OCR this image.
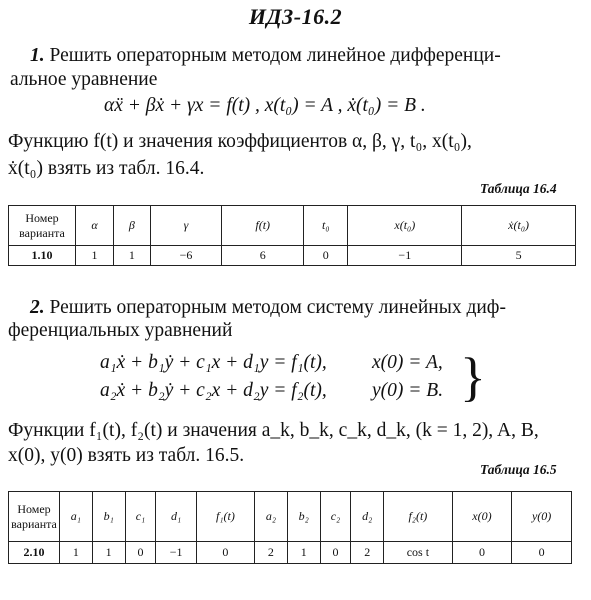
ИДЗ-16.2
1. Решить операторным методом линейное дифференци-
альное уравнение
αẍ + βẋ + γx = f(t) , x(t₀) = A , ẋ(t₀) = B .
Функцию f(t) и значения коэффициентов α, β, γ, t₀, x(t₀),
ẋ(t₀) взять из табл. 16.4.
Таблица 16.4
Номер варианта	α	β	γ	f(t)	t₀	x(t₀)	ẋ(t₀)
1.10	1	1	−6	6	0	−1	5
2. Решить операторным методом систему линейных диф-
ференциальных уравнений
a₁ẋ + b₁ẏ + c₁x + d₁y = f₁(t), x(0) = A,
a₂ẋ + b₂ẏ + c₂x + d₂y = f₂(t), y(0) = B. }
Функции f₁(t), f₂(t) и значения a_k, b_k, c_k, d_k, (k = 1, 2), A, B,
x(0), y(0) взять из табл. 16.5.
Таблица 16.5
Номер варианта	a₁	b₁	c₁	d₁	f₁(t)	a₂	b₂	c₂	d₂	f₂(t)	x(0)	y(0)
2.10	1	1	0	−1	0	2	1	0	2	cos t	0	0
